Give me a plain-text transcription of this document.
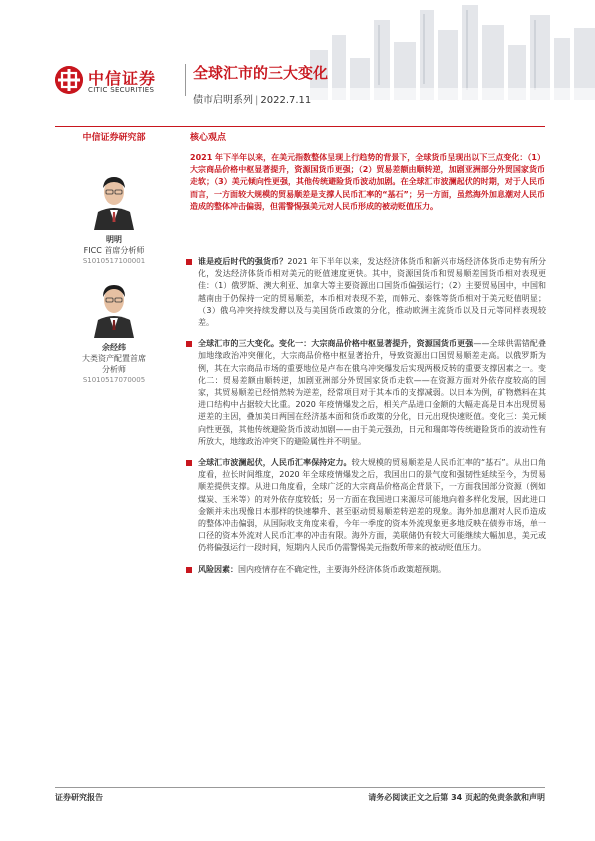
中信证券
CITIC SECURITIES
全球汇市的三大变化
债市启明系列 | 2022.7.11
中信证券研究部	核心观点
明明
FICC 首席分析师
S1010517100001
余经纬
大类资产配置首席
分析师
S1010517070005
2021 年下半年以来，在美元指数整体呈现上行趋势的背景下，全球货币呈现出以下三点变化：（1）大宗商品价格中枢显著提升，资源国货币更强；（2）贸易差额由顺转逆，加剧亚洲部分外贸国家货币走软；（3）美元倾向性更强，其他传统避险货币波动加剧。在全球汇市波澜起伏的时期，对于人民币而言，一方面较大规模的贸易顺差是支撑人民币汇率的“基石”；另一方面，虽然海外加息潮对人民币造成的整体冲击偏弱，但需警惕强美元对人民币形成的被动贬值压力。
谁是疫后时代的强货币？2021 年下半年以来，发达经济体货币和新兴市场经济体货币走势有所分化，发达经济体货币相对美元的贬值速度更快。其中，资源国货币和贸易顺差国货币相对表现更佳：（1）俄罗斯、澳大利亚、加拿大等主要资源出口国货币偏强运行；（2）主要贸易国中，中国和越南由于仍保持一定的贸易顺差，本币相对表现不差，而韩元、泰铢等货币相对于美元贬值明显；（3）俄乌冲突持续发酵以及与美国货币政策的分化，推动欧洲主流货币以及日元等同样表现较差。
全球汇市的三大变化。变化一：大宗商品价格中枢显著提升，资源国货币更强——全球供需错配叠加地缘政治冲突催化，大宗商品价格中枢显著抬升，导致资源出口国贸易顺差走高。以俄罗斯为例，其在大宗商品市场的重要地位是卢布在俄乌冲突爆发后实现两极反转的重要支撑因素之一。变化二：贸易差额由顺转逆，加剧亚洲部分外贸国家货币走软——在资源方面对外依存度较高的国家，其贸易顺差已经悄然转为逆差，经常项目对于其本币的支撑减弱。以日本为例，矿物燃料在其进口结构中占据较大比重。2020 年疫情爆发之后，相关产品进口金额的大幅走高是日本出现贸易逆差的主因，叠加美日两国在经济基本面和货币政策的分化，日元出现快速贬值。变化三：美元倾向性更强，其他传统避险货币波动加剧——由于美元强劲，日元和瑞郎等传统避险货币的波动性有所放大，地缘政治冲突下的避险属性并不明显。
全球汇市波澜起伏，人民币汇率保持定力。较大规模的贸易顺差是人民币汇率的“基石”。从出口角度看，拉长时间维度，2020 年全球疫情爆发之后，我国出口的景气度和强韧性延续至今，为贸易顺差提供支撑。从进口角度看，全球广泛的大宗商品价格高企背景下，一方面我国部分资源（例如煤炭、玉米等）的对外依存度较低；另一方面在我国进口来源尽可能地向着多样化发展，因此进口金额并未出现像日本那样的快速攀升、甚至驱动贸易顺差转逆差的现象。海外加息潮对人民币造成的整体冲击偏弱，从国际收支角度来看，今年一季度的资本外流现象更多地反映在债券市场，单一口径的资本外流对人民币汇率的冲击有限。海外方面，美联储仍有较大可能继续大幅加息，美元或仍将偏强运行一段时间，短期内人民币仍需警惕美元指数所带来的被动贬值压力。
风险因素：国内疫情存在不确定性，主要海外经济体货币政策超预期。
证券研究报告	请务必阅读正文之后第 34 页起的免责条款和声明
